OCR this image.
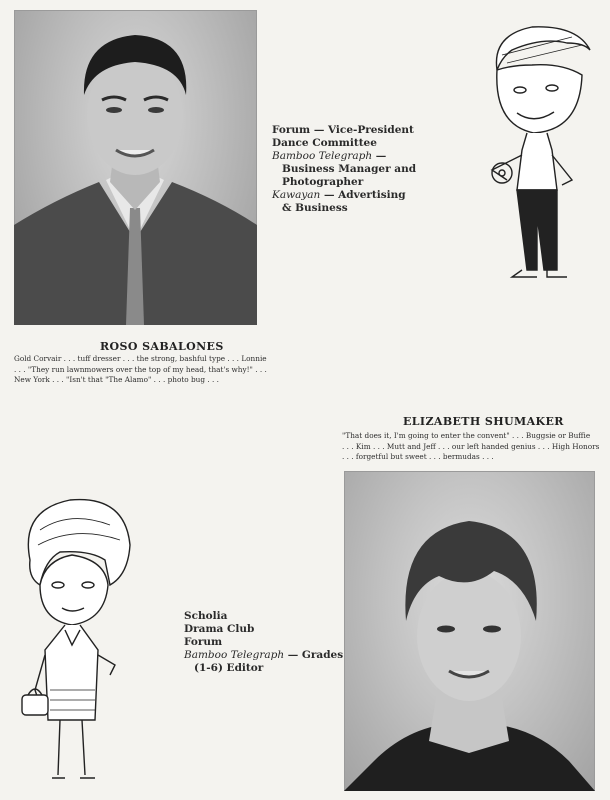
Forum — Vice-President
Dance Committee
Bamboo Telegraph —
Business Manager and
Photographer
Kawayan — Advertising
& Business
ROSO SABALONES
Gold Corvair . . . tuff dresser . . . the strong, bashful type . . . Lonnie
. . . "They run lawnmowers over the top of my head, that's why!" . . .
New York . . . "Isn't that "The Alamo" . . . photo bug . . .
ELIZABETH SHUMAKER
"That does it, I'm going to enter the convent" . . . Buggsie or Buffie
. . . Kim . . . Mutt and Jeff . . . our left handed genius . . . High Honors
. . . forgetful but sweet . . . bermudas . . .
Scholia
Drama Club
Forum
Bamboo Telegraph — Grades
(1-6) Editor
